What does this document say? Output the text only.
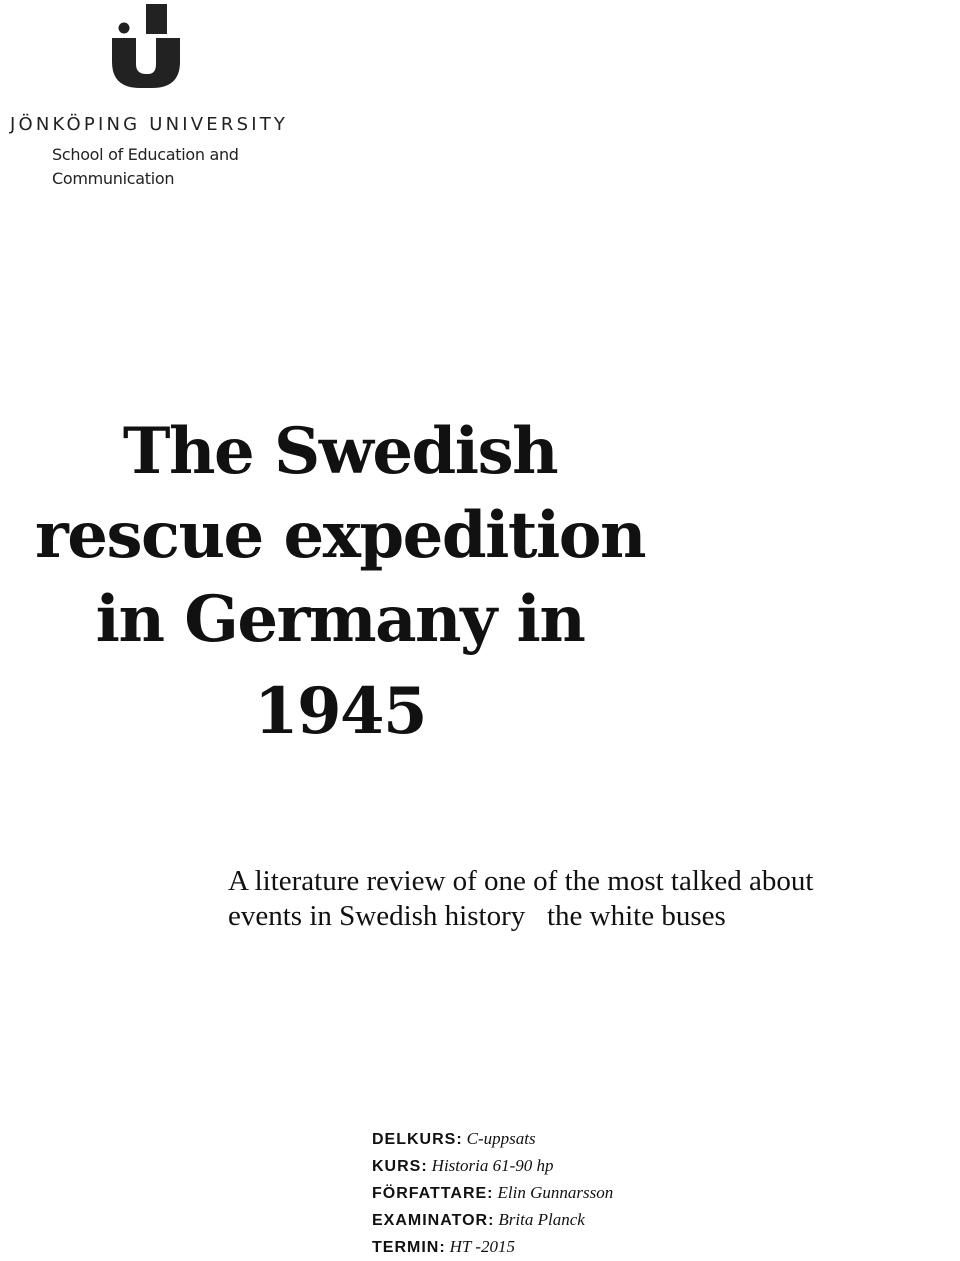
JÖNKÖPING UNIVERSITY
School of Education and
Communication
The Swedish
rescue expedition
in Germany in
1945

A literature review of one of the most talked about
events in Swedish history   the white buses

DELKURS: C-uppsats
KURS: Historia 61-90 hp
FÖRFATTARE: Elin Gunnarsson
EXAMINATOR: Brita Planck
TERMIN: HT -2015
